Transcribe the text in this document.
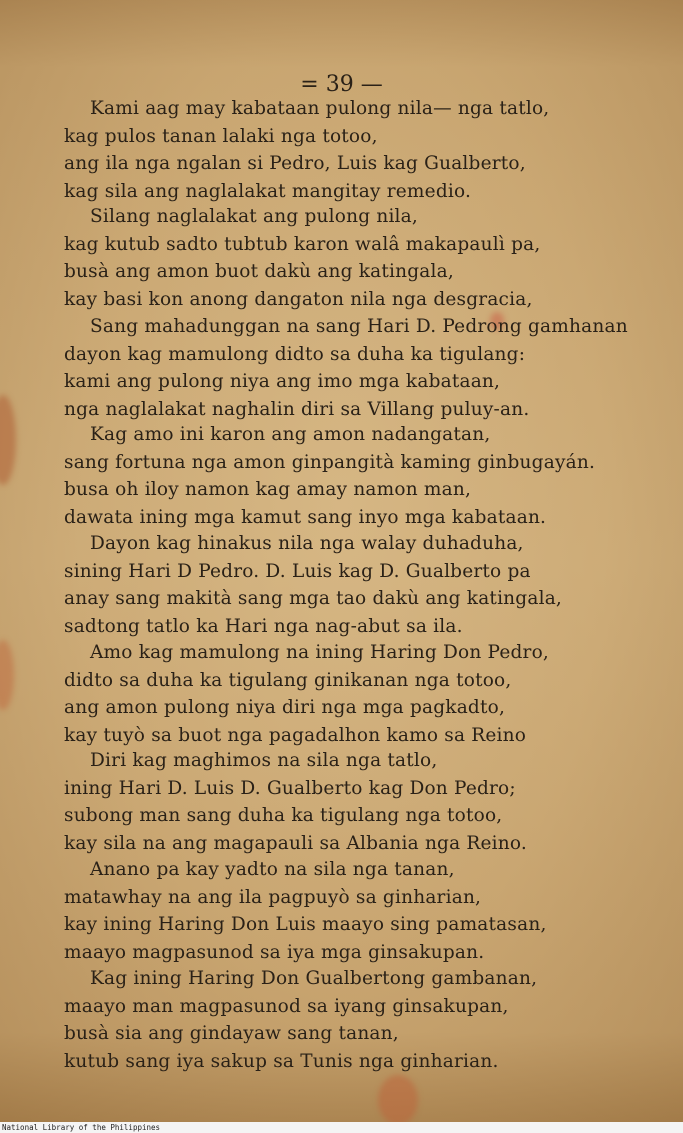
= 39 —
Kami aag may kabataan pulong nila— nga tatlo,
kag pulos tanan lalaki nga totoo,
ang ila nga ngalan si Pedro, Luis kag Gualberto,
kag sila ang naglalakat mangitay remedio.
Silang naglalakat ang pulong nila,
kag kutub sadto tubtub karon walâ makapaulì pa,
busà ang amon buot dakù ang katingala,
kay basi kon anong dangaton nila nga desgracia,
Sang mahadunggan na sang Hari D. Pedrong gamhanan
dayon kag mamulong didto sa duha ka tigulang:
kami ang pulong niya ang imo mga kabataan,
nga naglalakat naghalin diri sa Villang puluy-an.
Kag amo ini karon ang amon nadangatan,
sang fortuna nga amon ginpangità kaming ginbugayán.
busa oh iloy namon kag amay namon man,
dawata ining mga kamut sang inyo mga kabataan.
Dayon kag hinakus nila nga walay duhaduha,
sining Hari D Pedro. D. Luis kag D. Gualberto pa
anay sang makità sang mga tao dakù ang katingala,
sadtong tatlo ka Hari nga nag-abut sa ila.
Amo kag mamulong na ining Haring Don Pedro,
didto sa duha ka tigulang ginikanan nga totoo,
ang amon pulong niya diri nga mga pagkadto,
kay tuyò sa buot nga pagadalhon kamo sa Reino
Diri kag maghimos na sila nga tatlo,
ining Hari D. Luis D. Gualberto kag Don Pedro;
subong man sang duha ka tigulang nga totoo,
kay sila na ang magapauli sa Albania nga Reino.
Anano pa kay yadto na sila nga tanan,
matawhay na ang ila pagpuyò sa ginharian,
kay ining Haring Don Luis maayo sing pamatasan,
maayo magpasunod sa iya mga ginsakupan.
Kag ining Haring Don Gualbertong gambanan,
maayo man magpasunod sa iyang ginsakupan,
busà sia ang gindayaw sang tanan,
kutub sang iya sakup sa Tunis nga ginharian.
National Library of the Philippines
